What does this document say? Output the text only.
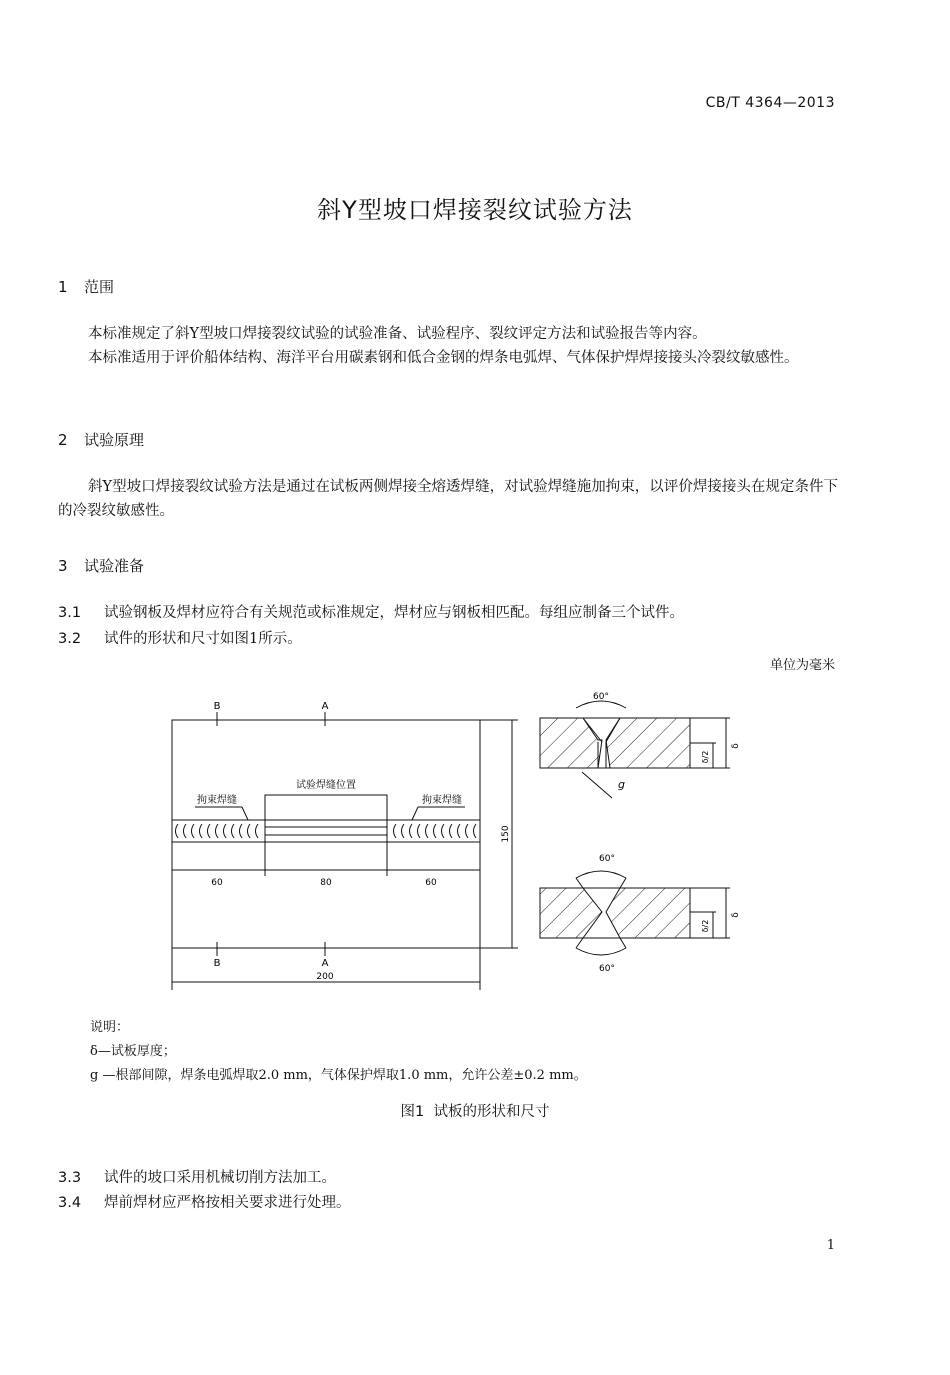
CB/T 4364—2013
斜Y型坡口焊接裂纹试验方法
1 范围
本标准规定了斜Y型坡口焊接裂纹试验的试验准备、试验程序、裂纹评定方法和试验报告等内容。
本标准适用于评价船体结构、海洋平台用碳素钢和低合金钢的焊条电弧焊、气体保护焊焊接接头冷裂纹敏感性。
2 试验原理
斜Y型坡口焊接裂纹试验方法是通过在试板两侧焊接全熔透焊缝，对试验焊缝施加拘束，以评价焊接接头在规定条件下的冷裂纹敏感性。
3 试验准备
3.1 试验钢板及焊材应符合有关规范或标准规定，焊材应与钢板相匹配。每组应制备三个试件。
3.2 试件的形状和尺寸如图1所示。
单位为毫米
B	A
B	A
试验焊缝位置
拘束焊缝	拘束焊缝
60	80	60
200
150
60°
g
δ/2
δ
60°
60°
δ/2
δ
说明：
δ—试板厚度；
g —根部间隙，焊条电弧焊取2.0 mm，气体保护焊取1.0 mm，允许公差±0.2 mm。
图1 试板的形状和尺寸
3.3 试件的坡口采用机械切削方法加工。
3.4 焊前焊材应严格按相关要求进行处理。
1
